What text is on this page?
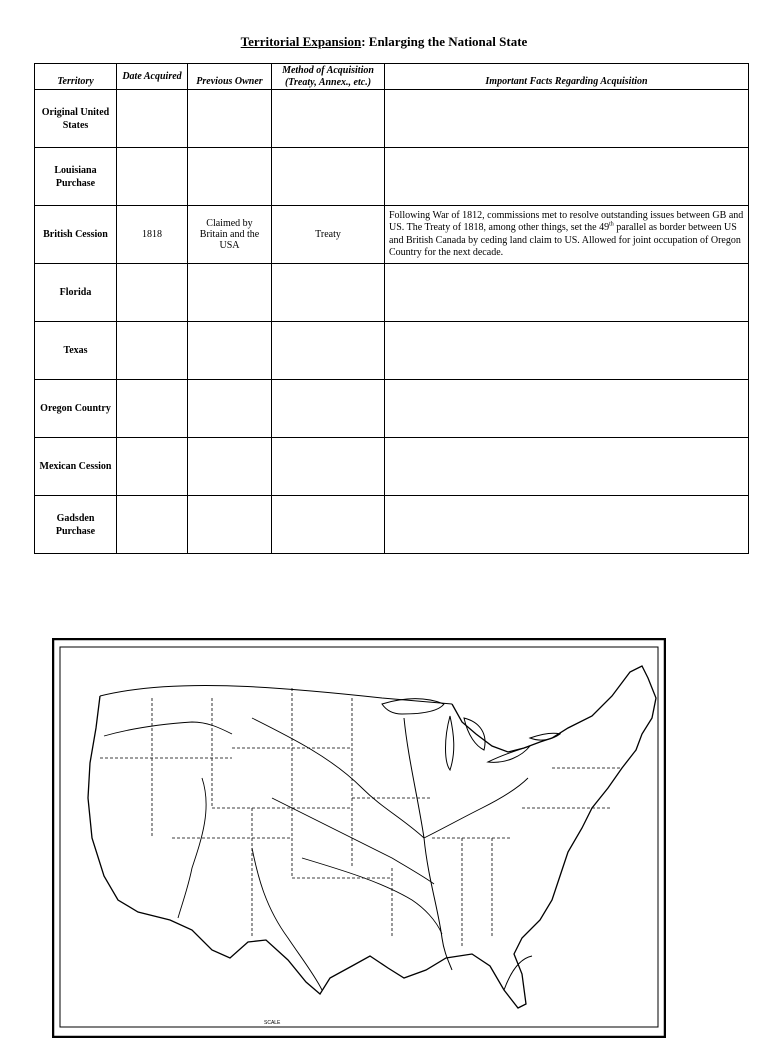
Territorial Expansion: Enlarging the National State
Territory	Date Acquired	Previous Owner	Method of Acquisition (Treaty, Annex., etc.)	Important Facts Regarding Acquisition
Original United States				
Louisiana Purchase				
British Cession	1818	Claimed by Britain and the USA	Treaty	Following War of 1812, commissions met to resolve outstanding issues between GB and US. The Treaty of 1818, among other things, set the 49th parallel as border between US and British Canada by ceding land claim to US. Allowed for joint occupation of Oregon Country for the next decade.
Florida				
Texas				
Oregon Country				
Mexican Cession				
Gadsden Purchase				
SCALE
